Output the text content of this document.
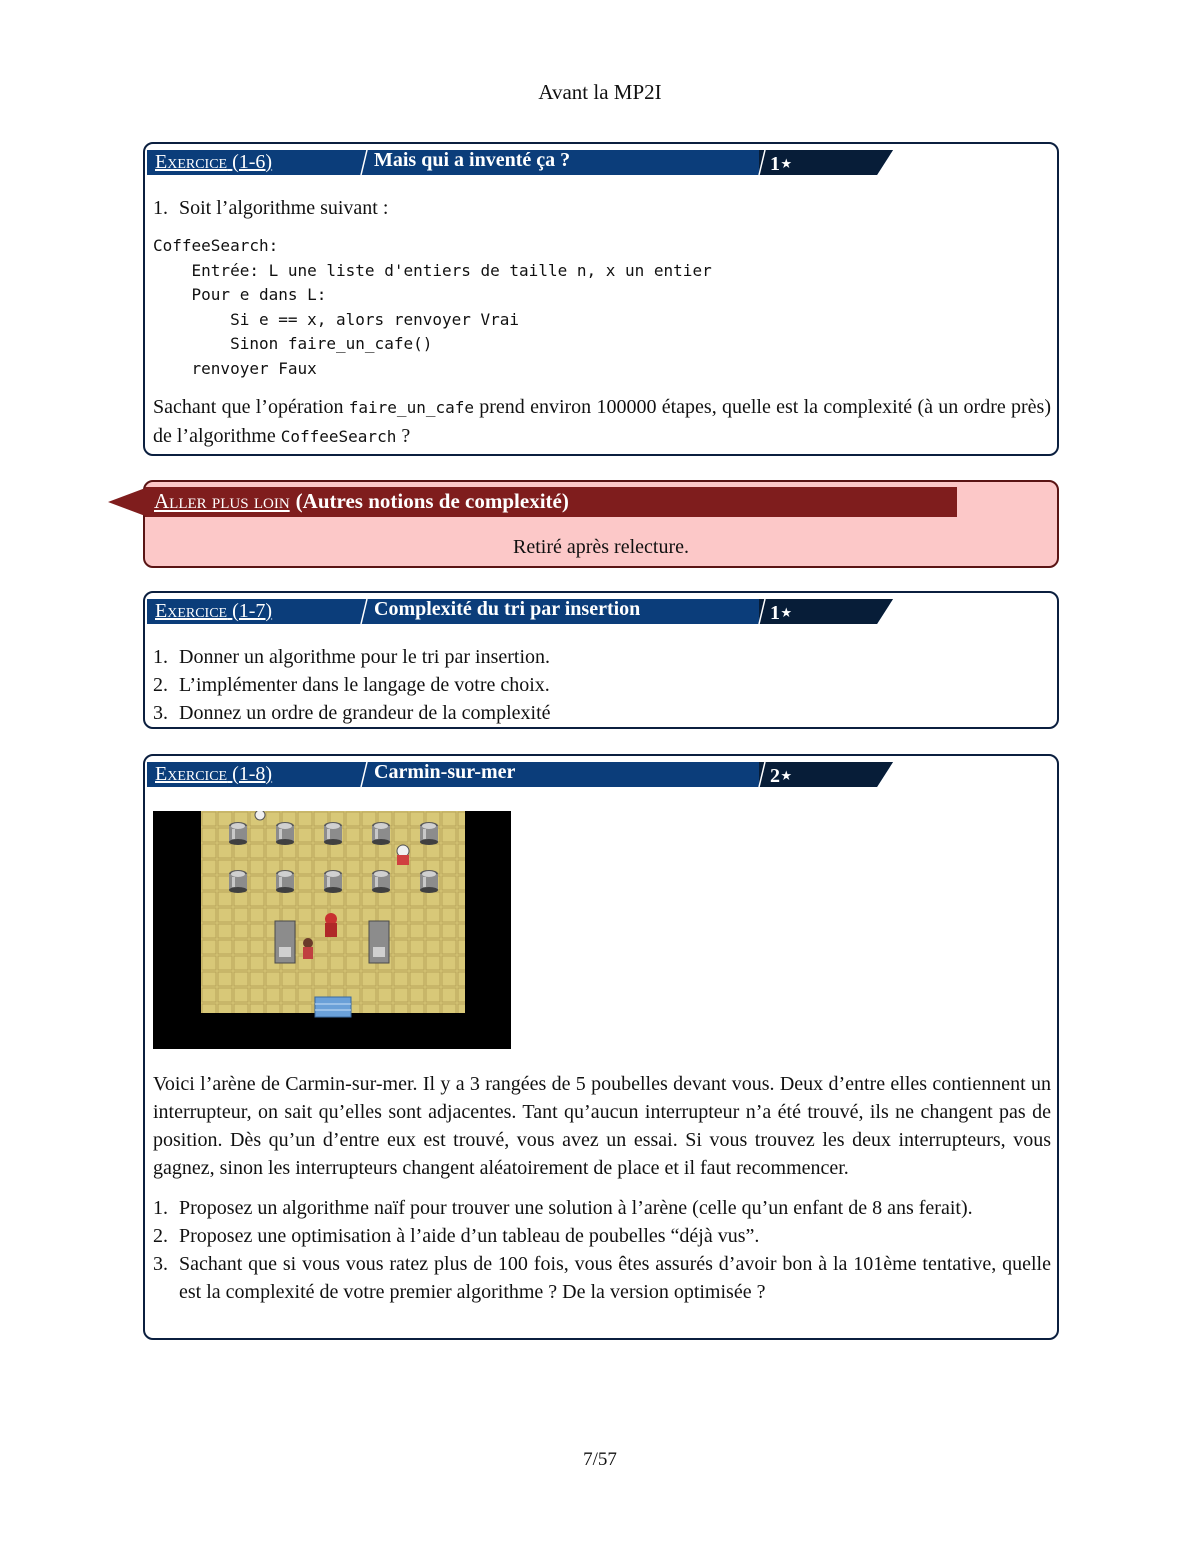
Avant la MP2I
Exercice (1-6)	Mais qui a inventé ça ?	1⋆
1. Soit l’algorithme suivant :
CoffeeSearch:
Entrée: L une liste d'entiers de taille n, x un entier
Pour e dans L:
Si e == x, alors renvoyer Vrai
Sinon faire_un_cafe()
renvoyer Faux
Sachant que l’opération faire_un_cafe prend environ 100000 étapes, quelle est la complexité (à un ordre près) de l’algorithme CoffeeSearch ?
Aller plus loin (Autres notions de complexité)
Retiré après relecture.
Exercice (1-7)	Complexité du tri par insertion	1⋆
1. Donner un algorithme pour le tri par insertion.
2. L’implémenter dans le langage de votre choix.
3. Donnez un ordre de grandeur de la complexité
Exercice (1-8)	Carmin-sur-mer	2⋆
Voici l’arène de Carmin-sur-mer. Il y a 3 rangées de 5 poubelles devant vous. Deux d’entre elles contiennent un interrupteur, on sait qu’elles sont adjacentes. Tant qu’aucun interrupteur n’a été trouvé, ils ne changent pas de position. Dès qu’un d’entre eux est trouvé, vous avez un essai. Si vous trouvez les deux interrupteurs, vous gagnez, sinon les interrupteurs changent aléatoirement de place et il faut recommencer.
1. Proposez un algorithme naïf pour trouver une solution à l’arène (celle qu’un enfant de 8 ans ferait).
2. Proposez une optimisation à l’aide d’un tableau de poubelles “déjà vus”.
3. Sachant que si vous vous ratez plus de 100 fois, vous êtes assurés d’avoir bon à la 101ème tentative, quelle est la complexité de votre premier algorithme ? De la version optimisée ?
7/57
